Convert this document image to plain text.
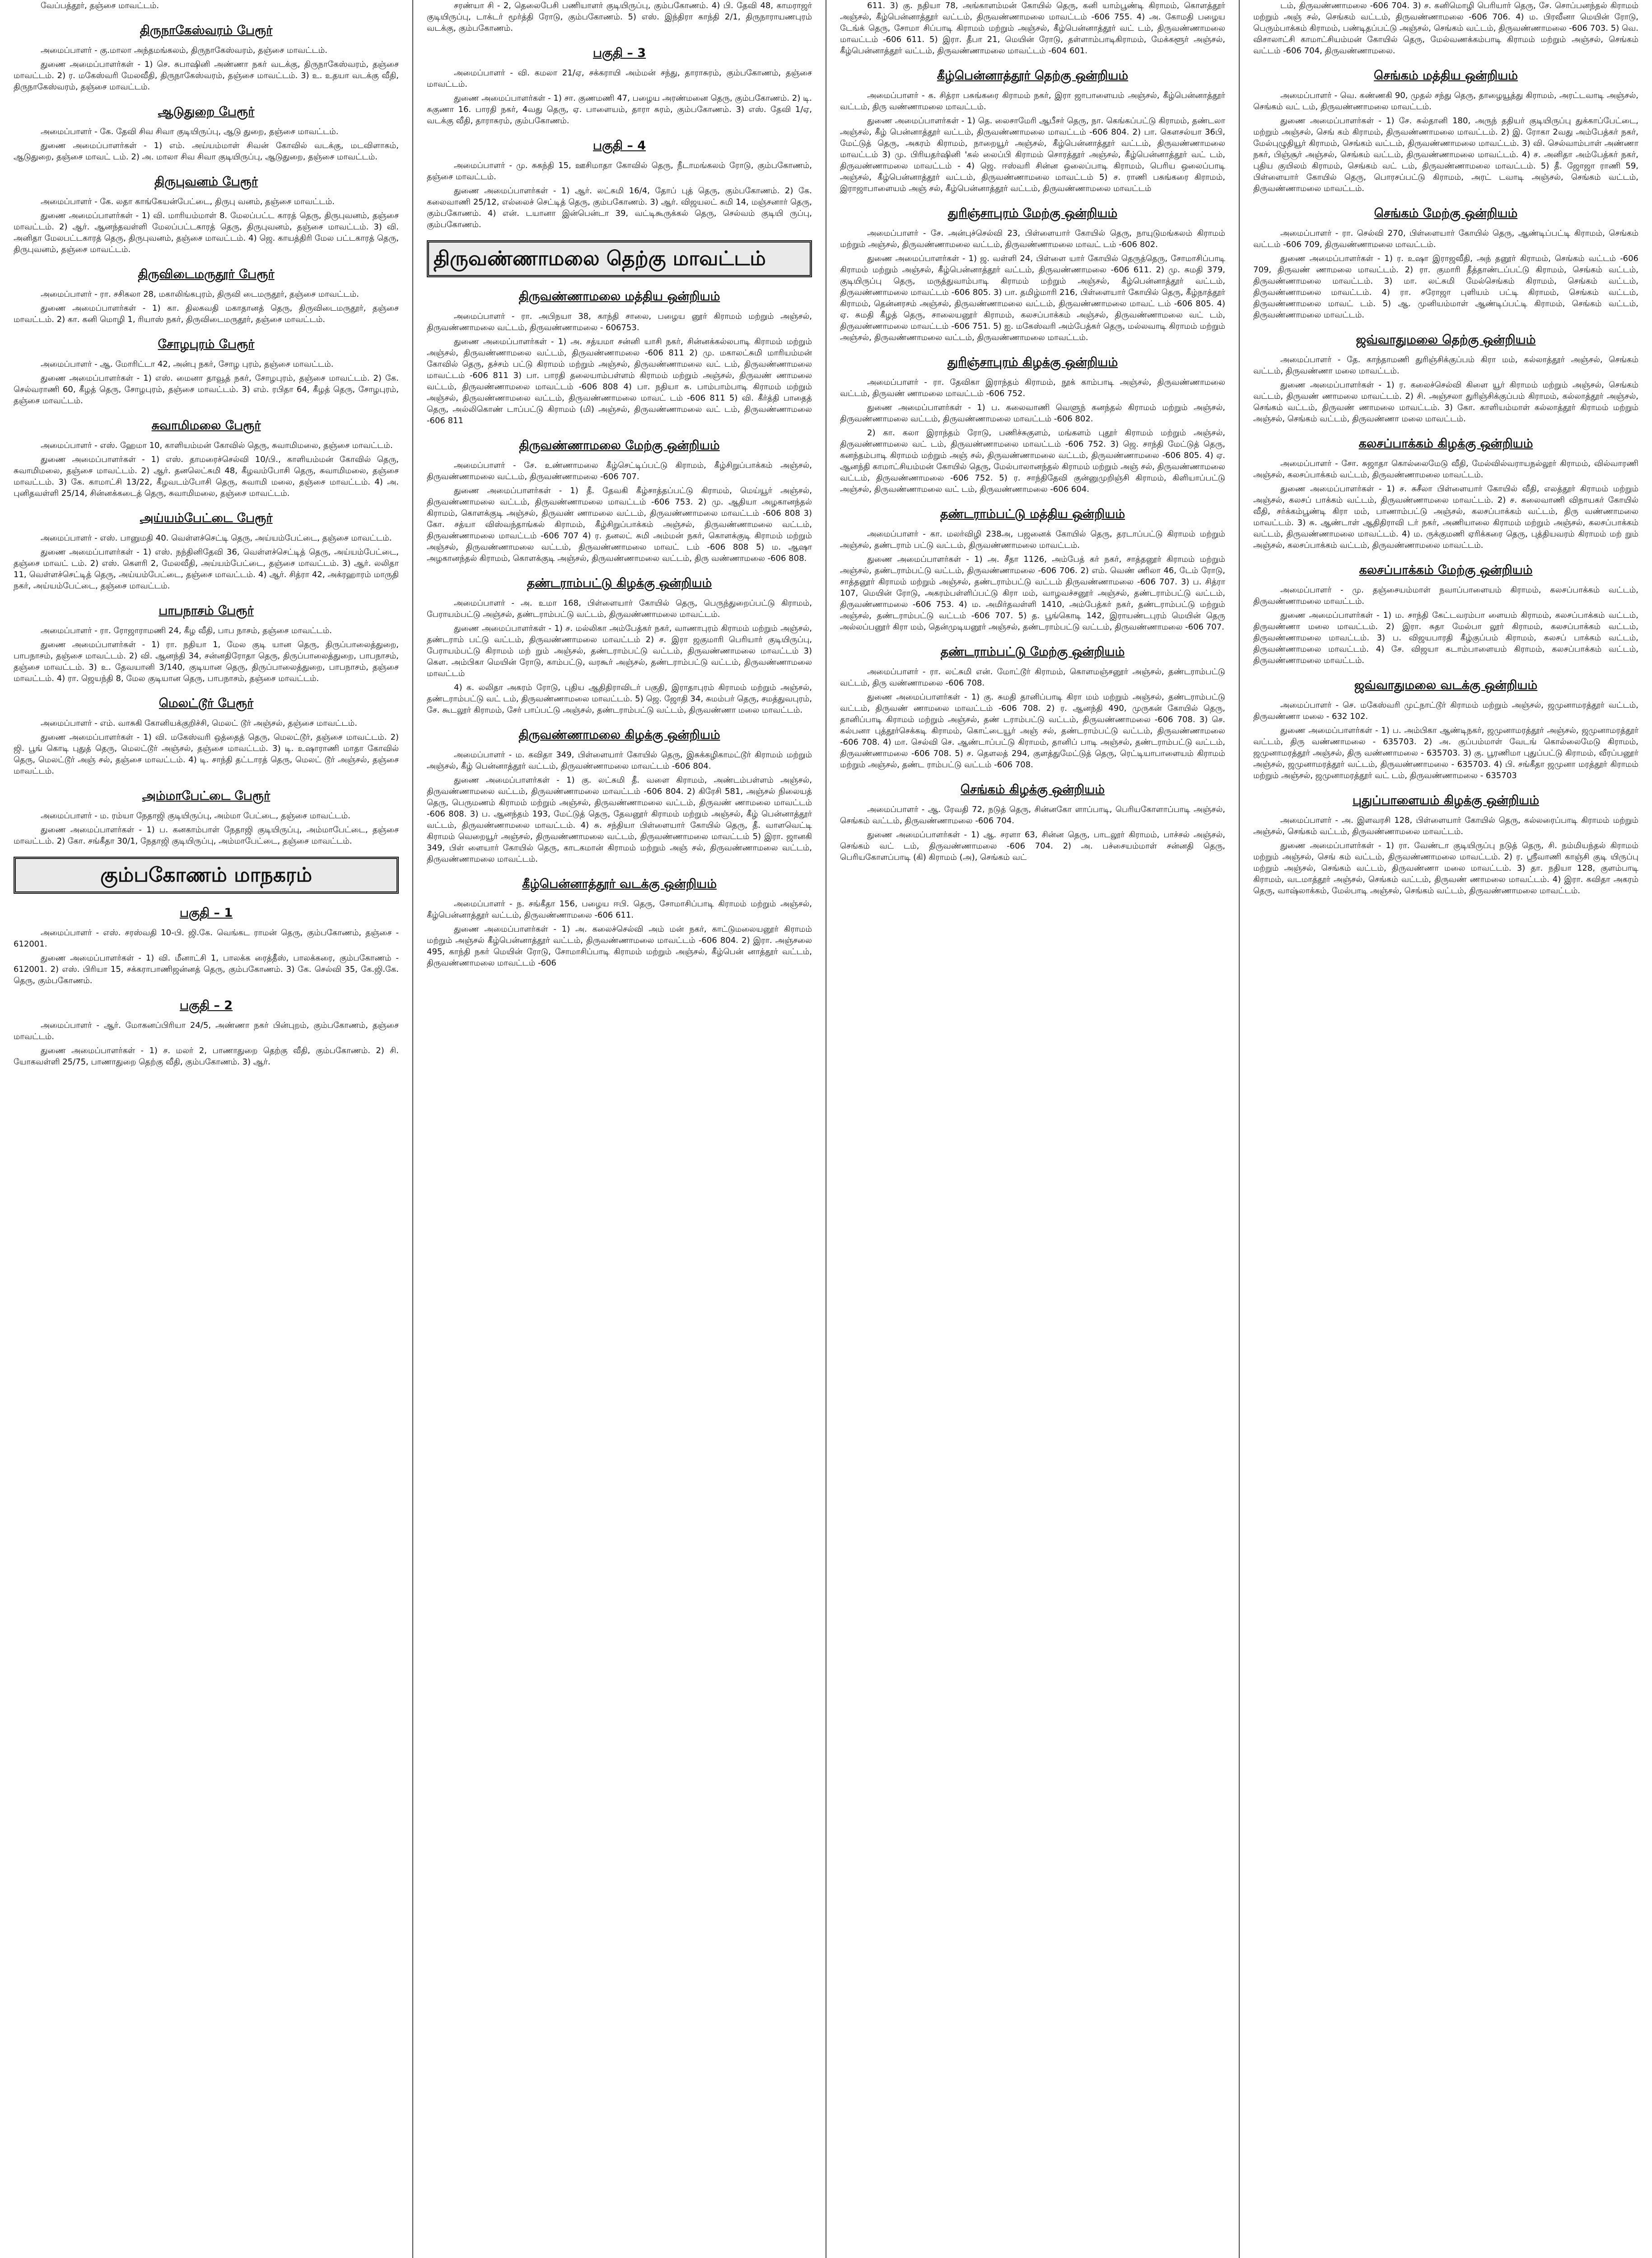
வேப்பத்தூர், தஞ்சை மாவட்டம்.
திருநாகேஸ்வரம் பேரூர்
அமைப்பாளர் - கு.மாலா அந்தமங்கலம், திருநாகேஸ்வரம், தஞ்சை மாவட்டம்.
துணை அமைப்பாளர்கள் - 1) செ. சுபாஷினி அண்ணா நகர் வடக்கு, திருநாகேஸ்வரம், தஞ்சை மாவட்டம். 2) ர. மகேஸ்வரி மேலவீதி, திருநாகேஸ்வரம், தஞ்சை மாவட்டம். 3) உ. உதயா வடக்கு வீதி, திருநாகேஸ்வரம், தஞ்சை மாவட்டம்.
ஆடுதுறை பேரூர்
அமைப்பாளர் - கே. தேவி சிவ சிவா குடியிருப்பு, ஆடு துறை, தஞ்சை மாவட்டம்.
துணை அமைப்பாளர்கள் - 1) எம். அய்யம்மாள் சிவன் கோவில் வடக்கு, மடவிளாகம், ஆடுதுறை, தஞ்சை மாவட் டம். 2) அ. மாலா சிவ சிவா குடியிருப்பு, ஆடுதுறை, தஞ்சை மாவட்டம்.
திருபுவனம் பேரூர்
அமைப்பாளர் - கே. லதா காங்கேயன்பேட்டை, திருபு வனம், தஞ்சை மாவட்டம்.
துணை அமைப்பாளர்கள் - 1) வி. மாரியம்மாள் 8. மேலப்பட்ட காரத் தெரு, திருபுவனம், தஞ்சை மாவட்டம். 2) ஆர். ஆனந்தவள்ளி மேலப்பட்டகாரத் தெரு, திருபுவனம், தஞ்சை மாவட்டம். 3) வி. அனிதா மேலபட்டகாரத் தெரு, திருபுவனம், தஞ்சை மாவட்டம். 4) ஜெ. காயத்திரி மேல பட்டகாரத் தெரு, திருபுவனம், தஞ்சை மாவட்டம்.
திருவிடைமருதூர் பேரூர்
அமைப்பாளர் - ரா. சசிகலா 28, மகாலிங்கபுரம், திருவி டைமருதூர், தஞ்சை மாவட்டம்.
துணை அமைப்பாளர்கள் - 1) கா. திலகவதி மகாதானத் தெரு, திருவிடைமருதூர், தஞ்சை மாவட்டம். 2) கா. கனி மொழி 1, ரியாஸ் நகர், திருவிடைமருதூர், தஞ்சை மாவட்டம்.
சோழபுரம் பேரூர்
அமைப்பாளர் - ஆ. மோரிட்டா 42, அன்பு நகர், சோழ புரம், தஞ்சை மாவட்டம்.
துணை அமைப்பாளர்கள் - 1) எஸ். மைனா தாவூத் நகர், சோழபுரம், தஞ்சை மாவட்டம். 2) கே. செல்வராணி 60, கீழத் தெரு, சோழபுரம், தஞ்சை மாவட்டம். 3) எம். ரபிதா 64, கீழத் தெரு, சோழபுரம், தஞ்சை மாவட்டம்.
சுவாமிமலை பேரூர்
அமைப்பாளர் - எஸ். ஹேமா 10, காளியம்மன் கோவில் தெரு, சுவாமிமலை, தஞ்சை மாவட்டம்.
துணை அமைப்பாளர்கள் - 1) எஸ். தாமரைச்செல்வி 10/பி., காளியம்மன் கோவில் தெரு, சுவாமிமலை, தஞ்சை மாவட்டம். 2) ஆர். தனலெட்சுமி 48, கீழவம்போசி தெரு, சுவாமிமலை, தஞ்சை மாவட்டம். 3) கே. காமாட்சி 13/22, கீழவடம்போசி தெரு, சுவாமி மலை, தஞ்சை மாவட்டம். 4) அ. புனிதவள்ளி 25/14, சின்னக்கடைத் தெரு, சுவாமிமலை, தஞ்சை மாவட்டம்.
அய்யம்பேட்டை பேரூர்
அமைப்பாளர் - எஸ். பானுமதி 40. வெள்ளச்செட்டி தெரு, அய்யம்பேட்டை, தஞ்சை மாவட்டம்.
துணை அமைப்பாளர்கள் - 1) எஸ். நந்தினிதேவி 36, வெள்ளச்செட்டித் தெரு, அய்யம்பேட்டை, தஞ்சை மாவட் டம். 2) எஸ். கௌரி 2, மேலவீதி, அய்யம்பேட்டை, தஞ்சை மாவட்டம். 3) ஆர். லலிதா 11, வெள்ளச்செட்டித் தெரு, அய்யம்பேட்டை, தஞ்சை மாவட்டம். 4) ஆர். சித்ரா 42, அக்ரஹாரம் மாருதி நகர், அய்யம்பேட்டை, தஞ்சை மாவட்டம்.
பாபநாசம் பேரூர்
அமைப்பாளர் - ரா. ரோஜாராமணி 24, கீழ வீதி, பாப நாசம், தஞ்சை மாவட்டம்.
துணை அமைப்பாளர்கள் - 1) ரா. நதியா 1, மேல குடி யான தெரு, திருப்பாலைத்துறை, பாபநாசம், தஞ்சை மாவட்டம். 2) வி. ஆனந்தி 34, சன்னதிரோதா தெரு, திருப்பாலைத்துறை, பாபநாசம், தஞ்சை மாவட்டம். 3) உ. தேவயானி 3/140, குடியான தெரு, திருப்பாலைத்துறை, பாபநாசம், தஞ்சை மாவட்டம். 4) ரா. ஜெயந்தி 8, மேல குடியான தெரு, பாபநாசம், தஞ்சை மாவட்டம்.
மெலட்டூர் பேரூர்
அமைப்பாளர் - எம். வாசுகி கோனியக்குறிச்சி, மெலட் டூர் அஞ்சல், தஞ்சை மாவட்டம்.
துணை அமைப்பாளர்கள் - 1) வி. மகேஸ்வரி ஒத்தைத் தெரு, மெலட்டூர், தஞ்சை மாவட்டம். 2) ஜி. பூங் கொடி புதுத் தெரு, மெலட்டூர் அஞ்சல், தஞ்சை மாவட்டம். 3) டி. உஷாராணி மாதா கோவில் தெரு, மெலட்டூர் அஞ் சல், தஞ்சை மாவட்டம். 4) டி. சாந்தி தட்டாரத் தெரு, மெலட் டூர் அஞ்சல், தஞ்சை மாவட்டம்.
அம்மாபேட்டை பேரூர்
அமைப்பாளர் - ம. ரம்யா நேதாஜி குடியிருப்பு, அம்மா பேட்டை, தஞ்சை மாவட்டம்.
துணை அமைப்பாளர்கள் - 1) ப. கனகாம்பாள் நேதாஜி குடியிருப்பு, அம்மாபேட்டை, தஞ்சை மாவட்டம். 2) கோ. சங்கீதா 30/1, நேதாஜி குடியிருப்பு, அம்மாபேட்டை, தஞ்சை மாவட்டம்.
கும்பகோணம் மாநகரம்
பகுதி – 1
அமைப்பாளர் - எஸ். சரஸ்வதி 10-பி. ஜி.கே. வெங்கட ராமன் தெரு, கும்பகோணம், தஞ்சை - 612001.
துணை அமைப்பாளர்கள் - 1) வி. மீனாட்சி 1, பாலக்க ரைத்தீஸ், பாலக்கரை, கும்பகோணம் - 612001. 2) எஸ். பிரியா 15, சக்கராபாணிஜன்னத் தெரு, கும்பகோணம். 3) கே. செல்வி 35, கே.ஜி.கே. தெரு, கும்பகோணம்.
பகுதி – 2
அமைப்பாளர் - ஆர். மோகனப்பிரியா 24/5, அண்ணா நகர் பின்புறம், கும்பகோணம், தஞ்சை மாவட்டம்.
துணை அமைப்பாளர்கள் - 1) ச. மலர் 2, பாணாதுறை தெற்கு வீதி, கும்பகோணம். 2) சி. யோகவள்ளி 25/75, பாணாதுறை தெற்கு வீதி, கும்பகோணம். 3) ஆர்.
சரண்யா சி - 2, தெலைபேசி பணியாளர் குடியிருப்பு, கும்பகோணம். 4) பி. தேவி 48, காமராஜர் குடியிருப்பு, டாக்டர் மூர்த்தி ரோடு, கும்பகோணம். 5) எஸ். இந்திரா காந்தி 2/1, திருநாராயணபுரம் வடக்கு, கும்பகோணம்.
பகுதி – 3
அமைப்பாளர் - வி. கமலா 21/ஏ, சக்கராயி அம்மன் சந்து, தாராசுரம், கும்பகோணம், தஞ்சை மாவட்டம்.
துணை அமைப்பாளர்கள் - 1) சா. குணமணி 47, பழைய அரண்மனை தெரு, கும்பகோணம். 2) டி. சுகுணா 16. பாரதி நகர், 4வது தெரு, ஏ. பாளையம், தாரா சுரம், கும்பகோணம். 3) எஸ். தேவி 1/ஏ, வடக்கு வீதி, தாராசுரம், கும்பகோணம்.
பகுதி – 4
அமைப்பாளர் - மு. சுகந்தி 15, ஊசிமாதா கோவில் தெரு, நீடாமங்கலம் ரோடு, கும்பகோணம், தஞ்சை மாவட்டம்.
துணை அமைப்பாளர்கள் - 1) ஆர். லட்சுமி 16/4, தோப் புத் தெரு, கும்பகோணம். 2) கே. கலைவாணி 25/12, எல்லைச் செட்டித் தெரு, கும்பகோணம். 3) ஆர். விஜயலட் சுமி 14, மஞ்சனார் தெரு, கும்பகோணம். 4) என். டயானா இன்பென்டா 39, வட்டிகூருக்கல் தெரு, செல்வம் குடியி ருப்பு, கும்பகோணம்.
திருவண்ணாமலை தெற்கு மாவட்டம்
திருவண்ணாமலை மத்திய ஒன்றியம்
அமைப்பாளர் - ரா. அபிநயா 38, காந்தி சாலை, பழைய னூர் கிராமம் மற்றும் அஞ்சல், திருவண்ணாமலை வட்டம், திருவண்ணாமலை - 606753.
துணை அமைப்பாளர்கள் - 1) அ. சத்யமா சன்னி யாசி நகர், சின்னக்கல்லபாடி கிராமம் மற்றும் அஞ்சல், திருவண்ணாமலை வட்டம், திருவண்ணாமலை -606 811 2) மு. மகாலட்சுமி மாரியம்மன் கோவில் தெரு, தச்சம் பட்டு கிராமம் மற்றும் அஞ்சல், திருவண்ணாமலை வட் டம், திருவண்ணாமலை மாவட்டம் -606 811 3) பா. பாரதி தலையாம்பள்ளம் கிராமம் மற்றும் அஞ்சல், திருவண் ணாமலை வட்டம், திருவண்ணாமலை மாவட்டம் -606 808 4) பா. நதியா சு. பாம்பாம்பாடி கிராமம் மற்றும் அஞ்சல், திருவண்ணாமலை வட்டம், திருவண்ணாமலை மாவட் டம் -606 811 5) வி. கீர்த்தி பாதைத் தெரு, அல்லிகொண் டாப்பட்டு கிராமம் (மி) அஞ்சல், திருவண்ணாமலை வட் டம், திருவண்ணாமலை -606 811
திருவண்ணாமலை மேற்கு ஒன்றியம்
அமைப்பாளர் - சே. உண்ணாமலை கீழ்செட்டிப்பட்டு கிராமம், கீழ்சிறுப்பாக்கம் அஞ்சல், திருவண்ணாமலை வட்டம், திருவண்ணாமலை -606 707.
துணை அமைப்பாளர்கள் - 1) தீ. தேவகி கீழ்சாத்தப்பட்டு கிராமம், மெய்யூர் அஞ்சல், திருவண்ணாமலை வட்டம், திருவண்ணாமலை மாவட்டம் -606 753. 2) மு. ஆதியா அழகானந்தல் கிராமம், கொளக்குடி அஞ்சல், திருவண் ணாமலை வட்டம், திருவண்ணாமலை மாவட்டம் -606 808 3) கோ. சத்யா விஸ்வந்தாங்கல் கிராமம், கீழ்சிறுப்பாக்கம் அஞ்சல், திருவண்ணாமலை வட்டம், திருவண்ணாமலை மாவட்டம் -606 707 4) ர. தனலட் சுமி அம்மன் நகர், கொளக்குடி கிராமம் மற்றும் அஞ்சல், திருவண்ணாமலை வட்டம், திருவண்ணாமலை மாவட் டம் -606 808 5) ம. ஆஷா அழகானந்தல் கிராமம், கொளக்குடி அஞ்சல், திருவண்ணாமலை வட்டம், திரு வண்ணாமலை -606 808.
தண்டராம்பட்டு கிழக்கு ஒன்றியம்
அமைப்பாளர் - அ. உமா 168, பிள்ளையார் கோயில் தெரு, பெருந்துறைப்பட்டு கிராமம், பேராயம்பட்டு அஞ்சல், தண்டராம்பட்டு வட்டம், திருவண்ணாமலை மாவட்டம்.
துணை அமைப்பாளர்கள் - 1) ச. மல்லிகா அம்பேத்கர் நகர், வாணாபுரம் கிராமம் மற்றும் அஞ்சல், தண்டராம் பட்டு வட்டம், திருவண்ணாமலை மாவட்டம் 2) ச. இரா ஜகுமாரி பெரியார் குடியிருப்பு, பேராயம்பட்டு கிராமம் மற் றும் அஞ்சல், தண்டராம்பட்டு வட்டம், திருவண்ணாமலை மாவட்டம் 3) கௌ. அம்பிகா மெயின் ரோடு, காம்பட்டு, வரகூர் அஞ்சல், தண்டராம்பட்டு வட்டம், திருவண்ணாமலை மாவட்டம்
4) க. லலிதா அகரம் ரோடு, புதிய ஆதிதிராவிடர் பகுதி, இராதாபுரம் கிராமம் மற்றும் அஞ்சல், தண்டராம்பட்டு வட் டம், திருவண்ணாமலை மாவட்டம். 5) ஜெ. ஜோதி 34, சுமம்பர் தெரு, சமத்துவபுரம், சே. கூடலூர் கிராமம், சேர் பாப்பட்டு அஞ்சல், தண்டராம்பட்டு வட்டம், திருவண்ணா மலை மாவட்டம்.
திருவண்ணாமலை கிழக்கு ஒன்றியம்
அமைப்பாளர் - ம. கவிதா 349, பிள்ளையார் கோயில் தெரு, இசுக்கழிகாமட்டூர் கிராமம் மற்றும் அஞ்சல், கீழ் பென்னாத்தூர் வட்டம், திருவண்ணாமலை மாவட்டம் -606 804.
துணை அமைப்பாளர்கள் - 1) கு. லட்சுமி தீ. வளை கிராமம், அண்டம்பள்ளம் அஞ்சல், திருவண்ணாமலை வட்டம், திருவண்ணாமலை மாவட்டம் -606 804. 2) கிரேசி 581, அஞ்சல் நிலையத் தெரு, பெருமணம் கிராமம் மற்றும் அஞ்சல், திருவண்ணாமலை வட்டம், திருவண் ணாமலை மாவட்டம் -606 808. 3) ப. ஆனந்தம் 193, மேட்டுத் தெரு, தேவனூர் கிராமம் மற்றும் அஞ்சல், கீழ் பென்னாத்தூர் வட்டம், திருவண்ணாமலை மாவட்டம். 4) சு. சந்தியா பிள்ளையார் கோயில் தெரு, தீ. வாளவெட்டி கிராமம் வெறையூர் அஞ்சல், திருவண்ணாமலை வட்டம், திருவண்ணாமலை மாவட்டம் 5) இரா. ஜானகி 349, பிள் ளையார் கோயில் தெரு, காடகமான் கிராமம் மற்றும் அஞ் சல், திருவண்ணாமலை வட்டம், திருவண்ணாமலை மாவட்டம்.
கீழ்பென்னாத்தூர் வடக்கு ஒன்றியம்
அமைப்பாளர் - ந. சங்கீதா 156, பழைய ஈபி. தெரு, சோமாசிப்பாடி கிராமம் மற்றும் அஞ்சல், கீழ்பென்னாத்தூர் வட்டம், திருவண்ணாமலை -606 611.
துணை அமைப்பாளர்கள் - 1) அ. கலைச்செல்வி அம் மன் நகர், காட்டுமலையனூர் கிராமம் மற்றும் அஞ்சல் கீழ்பென்னாத்தூர் வட்டம், திருவண்ணாமலை மாவட்டம் -606 804. 2) இரா. அஞ்சலை 495, காந்தி நகர் மெயின் ரோடு, சோமாசிப்பாடி கிராமம் மற்றும் அஞ்சல், கீழ்பென் னாத்தூர் வட்டம், திருவண்ணாமலை மாவட்டம் -606
611. 3) கு. நதியா 78, அங்காளம்மன் கோயில் தெரு, கனி யாம்பூண்டி கிராமம், கொளத்தூர் அஞ்சல், கீழ்பென்னாத்தூர் வட்டம், திருவண்ணாமலை மாவட்டம் -606 755. 4) அ. கோமதி பழைய டேங்க் தெரு, சோமா சிப்பாடி கிராமம் மற்றும் அஞ்சல், கீழ்பென்னாத்தூர் வட் டம், திருவண்ணாமலை மாவட்டம் -606 611. 5) இரா. தீபா 21, மெயின் ரோடு, தள்ளாம்பாடிகிராமம், மேக்களூர் அஞ்சல், கீழ்பென்னாத்தூர் வட்டம், திருவண்ணாமலை மாவட்டம் -604 601.
கீழ்பென்னாத்தூர் தெற்கு ஒன்றியம்
அமைப்பாளர் - க. சித்ரா பசுங்கரை கிராமம் நகர், இரா ஜாபாளையம் அஞ்சல், கீழ்பென்னாத்தூர் வட்டம், திரு வண்ணாமலை மாவட்டம்.
துணை அமைப்பாளர்கள் - 1) தெ. லைசாமேரி ஆபீசர் தெரு, நா. கெங்கப்பட்டு கிராமம், தண்டலா அஞ்சல், கீழ் பென்னாத்தூர் வட்டம், திருவண்ணாமலை மாவட்டம் -606 804. 2) பா. கௌசல்யா 36பி, மேட்டுத் தெரு, அகரம் கிராமம், நாறையூர் அஞ்சல், கீழ்பென்னாத்தூர் வட்டம், திருவண்ணாமலை மாவட்டம் 3) மு. பிரியதர்ஷினி 'கல் லைப்பி கிராமம் சொரத்தூர் அஞ்சல், கீழ்பென்னாத்தூர் வட் டம், திருவண்ணாமலை மாவட்டம் - 4) ஜெ. ஈஸ்வரி சின்ன ஒலைப்பாடி கிராமம், பெரிய ஒலைப்பாடி அஞ்சல், கீழ்பென்னாத்தூர் வட்டம், திருவண்ணாமலை மாவட்டம் 5) ச. ராணி பசுங்கரை கிராமம், இராஜாபாளையம் அஞ் சல், கீழ்பென்னாத்தூர் வட்டம், திருவண்ணாமலை மாவட்டம்
துரிஞ்சாபுரம் மேற்கு ஒன்றியம்
அமைப்பாளர் - சே. அன்புச்செல்வி 23, பிள்ளையார் கோயில் தெரு, நாயுடுமங்கலம் கிராமம் மற்றும் அஞ்சல், திருவண்ணாமலை வட்டம், திருவண்ணாமலை மாவட் டம் -606 802.
துணை அமைப்பாளர்கள் - 1) ஜ. வள்ளி 24, பிள்ளை யார் கோயில் தெருத்தெரு, சோமாசிப்பாடி கிராமம் மற்றும் அஞ்சல், கீழ்பென்னாத்தூர் வட்டம், திருவண்ணாமலை -606 611. 2) மு. சுமதி 379, குடியிருப்பு தெரு, மருத்துவாம்பாடி கிராமம் மற்றும் அஞ்சல், கீழ்பென்னாத்தூர் வட்டம், திருவண்ணாமலை மாவட்டம் -606 805. 3) பா. தமிழ்மாரி 216, பிள்ளையார் கோயில் தெரு, கீழ்நாத்தூர் கிராமம், தென்னரசம் அஞ்சல், திருவண்ணாமலை வட்டம், திருவண்ணாமலை மாவட் டம் -606 805. 4) ஏ. சுமதி கீழத் தெரு, சாலையனூர் கிராமம், கலசப்பாக்கம் அஞ்சல், திருவண்ணாமலை வட் டம், திருவண்ணாமலை மாவட்டம் -606 751. 5) ஐ. மகேஸ்வரி அம்பேத்கர் தெரு, மல்லவாடி கிராமம் மற்றும் அஞ்சல், திருவண்ணாமலை வட்டம், திருவண்ணாமலை மாவட்டம்.
துரிஞ்சாபுரம் கிழக்கு ஒன்றியம்
அமைப்பாளர் - ரா. தேவிகா இராந்தம் கிராமம், நூக் காம்பாடி அஞ்சல், திருவண்ணாமலை வட்டம், திருவண் ணாமலை மாவட்டம் -606 752.
துணை அமைப்பாளர்கள் - 1) ப. கலைவாணி வெளுந் கனந்தல் கிராமம் மற்றும் அஞ்சல், திருவண்ணாமலை வட்டம், திருவண்ணாமலை மாவட்டம் -606 802.
2) கா. கலா இராந்தம் ரோடு, பணிச்சுகுளம், மங்களம் புதூர் கிராமம் மற்றும் அஞ்சல், திருவண்ணாமலை வட் டம், திருவண்ணாமலை மாவட்டம் -606 752. 3) ஜெ. சாந்தி மேட்டுத் தெரு, கனந்தம்பாடி கிராமம் மற்றும் அஞ் சல், திருவண்ணாமலை வட்டம், திருவண்ணாமலை -606 805. 4) ஏ. ஆனந்தி காமாட்சியம்மன் கோயில் தெரு, மேல்பாலானந்தல் கிராமம் மற்றும் அஞ் சல், திருவண்ணாமலை வட்டம், திருவண்ணாமலை -606 752. 5) ர. சாந்திதேவி குன்னுமுறிஞ்சி கிராமம், கிளியாப்பட்டு அஞ்சல், திருவண்ணாமலை வட் டம், திருவண்ணாமலை -606 604.
தண்டராம்பட்டு மத்திய ஒன்றியம்
அமைப்பாளர் - கா. மலர்விழி 238அ, பஜனைக் கோயில் தெரு, தரடாப்பட்டு கிராமம் மற்றும் அஞ்சல், தண்டராம் பட்டு வட்டம், திருவண்ணாமலை மாவட்டம்.
துணை அமைப்பாளர்கள் - 1) அ. சீதா 1126, அம்பேத் கர் நகர், சாத்தனூர் கிராமம் மற்றும் அஞ்சல், தண்டராம்பட்டு வட்டம், திருவண்ணாமலை -606 706. 2) எம். வெண் ணிலா 46, டேம் ரோடு, சாத்தனூர் கிராமம் மற்றும் அஞ்சல், தண்டராம்பட்டு வட்டம் திருவண்ணாமலை -606 707. 3) ப. சித்ரா 107, மெயின் ரோடு, அகரம்பள்ளிப்பட்டு கிரா மம், வாழவச்சனூர் அஞ்சல், தண்டராம்பட்டு வட்டம், திருவண்ணாமலை -606 753. 4) ம. அமிர்தவள்ளி 1410, அம்பேத்கர் நகர், தண்டராம்பட்டு மற்றும் அஞ்சல், தண்டராம்பட்டு வட்டம் -606 707. 5) த. பூங்கொடி 142, இராயண்டபுரம் மெயின் தெரு அல்லப்பனூர் கிரா மம், தென்முடியனூர் அஞ்சல், தண்டராம்பட்டு வட்டம், திருவண்ணாமலை -606 707.
தண்டராம்பட்டு மேற்கு ஒன்றியம்
அமைப்பாளர் - ரா. லட்சுமி என். மோட்டூர் கிராமம், கொளமஞ்சனூர் அஞ்சல், தண்டராம்பட்டு வட்டம், திரு வண்ணாமலை -606 708.
துணை அமைப்பாளர்கள் - 1) கு. சுமதி தானிப்பாடி கிரா மம் மற்றும் அஞ்சல், தண்டராம்பட்டு வட்டம், திருவண் ணாமலை மாவட்டம் -606 708. 2) ர. ஆனந்தி 490, முருகன் கோயில் தெரு, தானிப்பாடி கிராமம் மற்றும் அஞ்சல், தண் டராம்பட்டு வட்டம், திருவண்ணாமலை -606 708. 3) செ. கல்பனா புத்தூர்செக்கடி கிராமம், கொட்டையூர் அஞ் சல், தண்டராம்பட்டு வட்டம், திருவண்ணாமலை -606 708. 4) மா. செல்வி செ. ஆண்டாப்பட்டு கிராமம், தானிப் பாடி அஞ்சல், தண்டராம்பட்டு வட்டம், திருவண்ணாமலை -606 708. 5) ச. தௌலத் 294, குளத்துமேட்டுத் தெரு, ரெட்டியாபாளையம் கிராமம் மற்றும் அஞ்சல், தண்ட ராம்பட்டு வட்டம் -606 708.
செங்கம் கிழக்கு ஒன்றியம்
அமைப்பாளர் - ஆ. ரேவதி 72, நடுத் தெரு, சின்னகோ ளாப்பாடி, பெரியகோளாப்பாடி அஞ்சல், செங்கம் வட்டம், திருவண்ணாமலை -606 704.
துணை அமைப்பாளர்கள் - 1) ஆ. சரளா 63, சின்ன தெரு, பாடலூர் கிராமம், பாச்சல் அஞ்சல், செங்கம் வட் டம், திருவண்ணாமலை -606 704. 2) அ. பச்சையம்மாள் சன்னதி தெரு, பெரியகோளப்பாடி (கி) கிராமம் (அ), செங்கம் வட்
டம், திருவண்ணாமலை -606 704. 3) ச. கனிமொழி பெரியார் தெரு, சே. சொப்பனந்தல் கிராமம் மற்றும் அஞ் சல், செங்கம் வட்டம், திருவண்ணாமலை -606 706. 4) ம. பிரவீனா மெயின் ரோடு, பெரும்பாக்கம் கிராமம், பண்டிதப்பட்டு அஞ்சல், செங்கம் வட்டம், திருவண்ணாமலை -606 703. 5) வெ. விசாலாட்சி காமாட்சியம்மன் கோயில் தெரு, மேல்வணக்கம்பாடி கிராமம் மற்றும் அஞ்சல், செங்கம் வட்டம் -606 704, திருவண்ணாமலை.
செங்கம் மத்திய ஒன்றியம்
அமைப்பாளர் - வெ. கண்ணகி 90, முதல் சந்து தெரு, தாழையூத்து கிராமம், அரட்டவாடி அஞ்சல், செங்கம் வட் டம், திருவண்ணாமலை மாவட்டம்.
துணை அமைப்பாளர்கள் - 1) சே. சுல்தானி 180, அருந் ததியர் குடியிருப்பு துக்காப்பேட்டை, மற்றும் அஞ்சல், செங் கம் கிராமம், திருவண்ணாமலை மாவட்டம். 2) இ. ரோகா 2வது அம்பேத்கர் நகர், மேல்புழுதியூர் கிராமம், செங்கம் வட்டம், திருவண்ணாமலை மாவட்டம். 3) வி. செல்வாம்பாள் அண்ணா நகர், பிஞ்சூர் அஞ்சல், செங்கம் வட்டம், திருவண்ணாமலை மாவட்டம். 4) ச. அனிதா அம்பேத்கர் நகர், புதிய குயிலம் கிராமம், செங்கம் வட் டம், திருவண்ணாமலை மாவட்டம். 5) தீ. ஜோஜா ராணி 59, பிள்ளையார் கோயில் தெரு, பொரசப்பட்டு கிராமம், அரட் டவாடி அஞ்சல், செங்கம் வட்டம், திருவண்ணாமலை மாவட்டம்.
செங்கம் மேற்கு ஒன்றியம்
அமைப்பாளர் - ரா. செல்வி 270, பிள்ளையார் கோயில் தெரு, ஆண்டிப்பட்டி கிராமம், செங்கம் வட்டம் -606 709, திருவண்ணாமலை மாவட்டம்.
துணை அமைப்பாளர்கள் - 1) ர. உஷா இராஜவீதி, அந் தனூர் கிராமம், செங்கம் வட்டம் -606 709, திருவண் ணாமலை மாவட்டம். 2) ரா. குமாரி தீத்தாண்டப்பட்டு கிராமம், செங்கம் வட்டம், திருவண்ணாமலை மாவட்டம். 3) மா. லட்சுமி மேல்செங்கம் கிராமம், செங்கம் வட்டம், திருவண்ணாமலை மாவட்டம். 4) ரா. சரோஜா புளியம் பட்டி கிராமம், செங்கம் வட்டம், திருவண்ணாமலை மாவட் டம். 5) ஆ. முனியம்மாள் ஆண்டிப்பட்டி கிராமம், செங்கம் வட்டம், திருவண்ணாமலை மாவட்டம்.
ஜவ்வாதுமலை தெற்கு ஒன்றியம்
அமைப்பாளர் - தே. காந்தாமணி துரிஞ்சிக்குப்பம் கிரா மம், கல்லாத்தூர் அஞ்சல், செங்கம் வட்டம், திருவண்ணா மலை மாவட்டம்.
துணை அமைப்பாளர்கள் - 1) ர. கலைச்செல்வி கிளை யூர் கிராமம் மற்றும் அஞ்சல், செங்கம் வட்டம், திருவண் ணாமலை மாவட்டம். 2) சி. அஞ்சலா துரிஞ்சிக்குப்பம் கிராமம், கல்லாத்தூர் அஞ்சல், செங்கம் வட்டம், திருவண் ணாமலை மாவட்டம். 3) கோ. காளியம்மாள் கல்லாத்தூர் கிராமம் மற்றும் அஞ்சல், செங்கம் வட்டம், திருவண்ணா மலை மாவட்டம்.
கலசப்பாக்கம் கிழக்கு ஒன்றியம்
அமைப்பாளர் - சோ. சுஜாதா கொல்லைமேடு வீதி, மேல்வில்வராயநல்லூர் கிராமம், வில்வாரணி அஞ்சல், கலசப்பாக்கம் வட்டம், திருவண்ணாமலை மாவட்டம்.
துணை அமைப்பாளர்கள் - 1) ச. சுசீலா பிள்ளையார் கோயில் வீதி, எலத்தூர் கிராமம் மற்றும் அஞ்சல், கலசப் பாக்கம் வட்டம், திருவண்ணாமலை மாவட்டம். 2) ச. கலைவாணி விநாயகர் கோயில் வீதி, சர்க்கம்பூண்டி கிரா மம், பாணாம்பட்டு அஞ்சல், கலசப்பாக்கம் வட்டம், திரு வண்ணாமலை மாவட்டம். 3) சு. ஆண்டாள் ஆதிதிராவி டர் நகர், அணியாலை கிராமம் மற்றும் அஞ்சல், கலசப்பாக்கம் வட்டம், திருவண்ணாமலை மாவட்டம். 4) ம. ருக்குமணி ஏரிக்கரை தெரு, புத்தியவரம் கிராமம் மற் றும் அஞ்சல், கலசப்பாக்கம் வட்டம், திருவண்ணாமலை மாவட்டம்.
கலசப்பாக்கம் மேற்கு ஒன்றியம்
அமைப்பாளர் - மு. தஞ்சையம்மாள் நவாப்பாளையம் கிராமம், கலசப்பாக்கம் வட்டம், திருவண்ணாமலை மாவட்டம்.
துணை அமைப்பாளர்கள் - 1) ம. சாந்தி கேட்டவரம்பா ளையம் கிராமம், கலசப்பாக்கம் வட்டம், திருவண்ணா மலை மாவட்டம். 2) இரா. சுதா மேல்பா லூர் கிராமம், கலசப்பாக்கம் வட்டம், திருவண்ணாமலை மாவட்டம். 3) ப. விஜயபாரதி கீழ்குப்பம் கிராமம், கலசப் பாக்கம் வட்டம், திருவண்ணாமலை மாவட்டம். 4) சே. விஜயா கடாம்பாளையம் கிராமம், கலசப்பாக்கம் வட்டம், திருவண்ணாமலை மாவட்டம்.
ஜவ்வாதுமலை வடக்கு ஒன்றியம்
அமைப்பாளர் - செ. மகேஸ்வரி முட்நாட்டூர் கிராமம் மற்றும் அஞ்சல், ஜமுனாமரத்தூர் வட்டம், திருவண்ணா மலை - 632 102.
துணை அமைப்பாளர்கள் - 1) ப. அம்பிகா ஆண்டிநகர், ஜமுனாமரத்தூர் அஞ்சல், ஜமுனாமரத்தூர் வட்டம், திரு வண்ணாமலை - 635703. 2) அ. குப்பம்மாள் வேடங் கொல்லைமேடு கிராமம், ஜமுனாமரத்தூர் அஞ்சல், திரு வண்ணாமலை - 635703. 3) கு. பூரணிமா புதுப்பட்டு கிராமம், வீரப்பனூர் அஞ்சல், ஜமுனாமரத்தூர் வட்டம், திருவண்ணாமலை - 635703. 4) பி. சங்கீதா ஜமுனா மரத்தூர் கிராமம் மற்றும் அஞ்சல், ஜமுனாமரத்தூர் வட் டம், திருவண்ணாமலை - 635703
புதுப்பாளையம் கிழக்கு ஒன்றியம்
அமைப்பாளர் - அ. இளவரசி 128, பிள்ளையார் கோயில் தெரு, கல்லரைப்பாடி கிராமம் மற்றும் அஞ்சல், செங்கம் வட்டம், திருவண்ணாமலை மாவட்டம்.
துணை அமைப்பாளர்கள் - 1) ரா. வேண்டா குடியிருப்பு நடுத் தெரு, சி. நம்மியந்தல் கிராமம் மற்றும் அஞ்சல், செங் கம் வட்டம், திருவண்ணாமலை மாவட்டம். 2) ர. ஸ்ரீவாணி காஞ்சி குடி யிருப்பு மற்றும் அஞ்சல், செங்கம் வட்டம், திருவண்ணா மலை மாவட்டம். 3) தா. நதியா 128, குளம்பாடி கிராமம், வடமாத்தூர் அஞ்சல், செங்கம் வட்டம், திருவண் ணாமலை மாவட்டம். 4) இரா. கவிதா அகரம் தெரு, வாஷ்லாக்கம், மேல்பாடி அஞ்சல், செங்கம் வட்டம், திருவண்ணாமலை மாவட்டம்.
